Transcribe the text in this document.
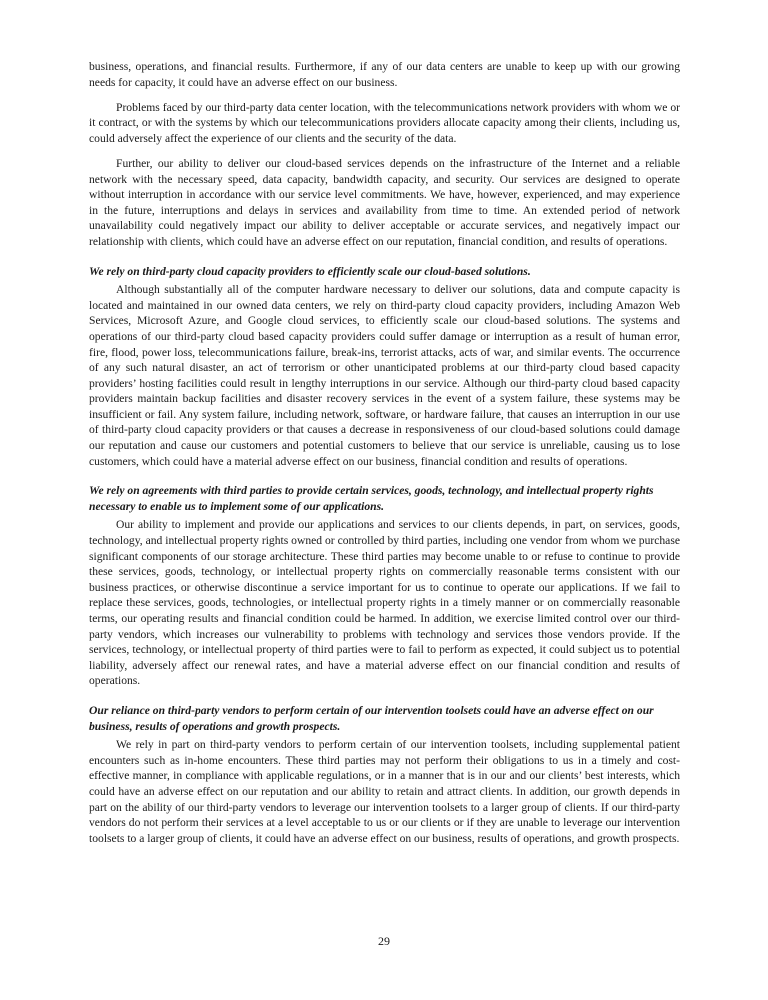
business, operations, and financial results. Furthermore, if any of our data centers are unable to keep up with our growing needs for capacity, it could have an adverse effect on our business.

Problems faced by our third-party data center location, with the telecommunications network providers with whom we or it contract, or with the systems by which our telecommunications providers allocate capacity among their clients, including us, could adversely affect the experience of our clients and the security of the data.

Further, our ability to deliver our cloud-based services depends on the infrastructure of the Internet and a reliable network with the necessary speed, data capacity, bandwidth capacity, and security. Our services are designed to operate without interruption in accordance with our service level commitments. We have, however, experienced, and may experience in the future, interruptions and delays in services and availability from time to time. An extended period of network unavailability could negatively impact our ability to deliver acceptable or accurate services, and negatively impact our relationship with clients, which could have an adverse effect on our reputation, financial condition, and results of operations.

We rely on third-party cloud capacity providers to efficiently scale our cloud-based solutions.

Although substantially all of the computer hardware necessary to deliver our solutions, data and compute capacity is located and maintained in our owned data centers, we rely on third-party cloud capacity providers, including Amazon Web Services, Microsoft Azure, and Google cloud services, to efficiently scale our cloud-based solutions. The systems and operations of our third-party cloud based capacity providers could suffer damage or interruption as a result of human error, fire, flood, power loss, telecommunications failure, break-ins, terrorist attacks, acts of war, and similar events. The occurrence of any such natural disaster, an act of terrorism or other unanticipated problems at our third-party cloud based capacity providers’ hosting facilities could result in lengthy interruptions in our service. Although our third-party cloud based capacity providers maintain backup facilities and disaster recovery services in the event of a system failure, these systems may be insufficient or fail. Any system failure, including network, software, or hardware failure, that causes an interruption in our use of third-party cloud capacity providers or that causes a decrease in responsiveness of our cloud-based solutions could damage our reputation and cause our customers and potential customers to believe that our service is unreliable, causing us to lose customers, which could have a material adverse effect on our business, financial condition and results of operations.

We rely on agreements with third parties to provide certain services, goods, technology, and intellectual property rights necessary to enable us to implement some of our applications.

Our ability to implement and provide our applications and services to our clients depends, in part, on services, goods, technology, and intellectual property rights owned or controlled by third parties, including one vendor from whom we purchase significant components of our storage architecture. These third parties may become unable to or refuse to continue to provide these services, goods, technology, or intellectual property rights on commercially reasonable terms consistent with our business practices, or otherwise discontinue a service important for us to continue to operate our applications. If we fail to replace these services, goods, technologies, or intellectual property rights in a timely manner or on commercially reasonable terms, our operating results and financial condition could be harmed. In addition, we exercise limited control over our third-party vendors, which increases our vulnerability to problems with technology and services those vendors provide. If the services, technology, or intellectual property of third parties were to fail to perform as expected, it could subject us to potential liability, adversely affect our renewal rates, and have a material adverse effect on our financial condition and results of operations.

Our reliance on third-party vendors to perform certain of our intervention toolsets could have an adverse effect on our business, results of operations and growth prospects.

We rely in part on third-party vendors to perform certain of our intervention toolsets, including supplemental patient encounters such as in-home encounters. These third parties may not perform their obligations to us in a timely and cost-effective manner, in compliance with applicable regulations, or in a manner that is in our and our clients’ best interests, which could have an adverse effect on our reputation and our ability to retain and attract clients. In addition, our growth depends in part on the ability of our third-party vendors to leverage our intervention toolsets to a larger group of clients. If our third-party vendors do not perform their services at a level acceptable to us or our clients or if they are unable to leverage our intervention toolsets to a larger group of clients, it could have an adverse effect on our business, results of operations, and growth prospects.

29
